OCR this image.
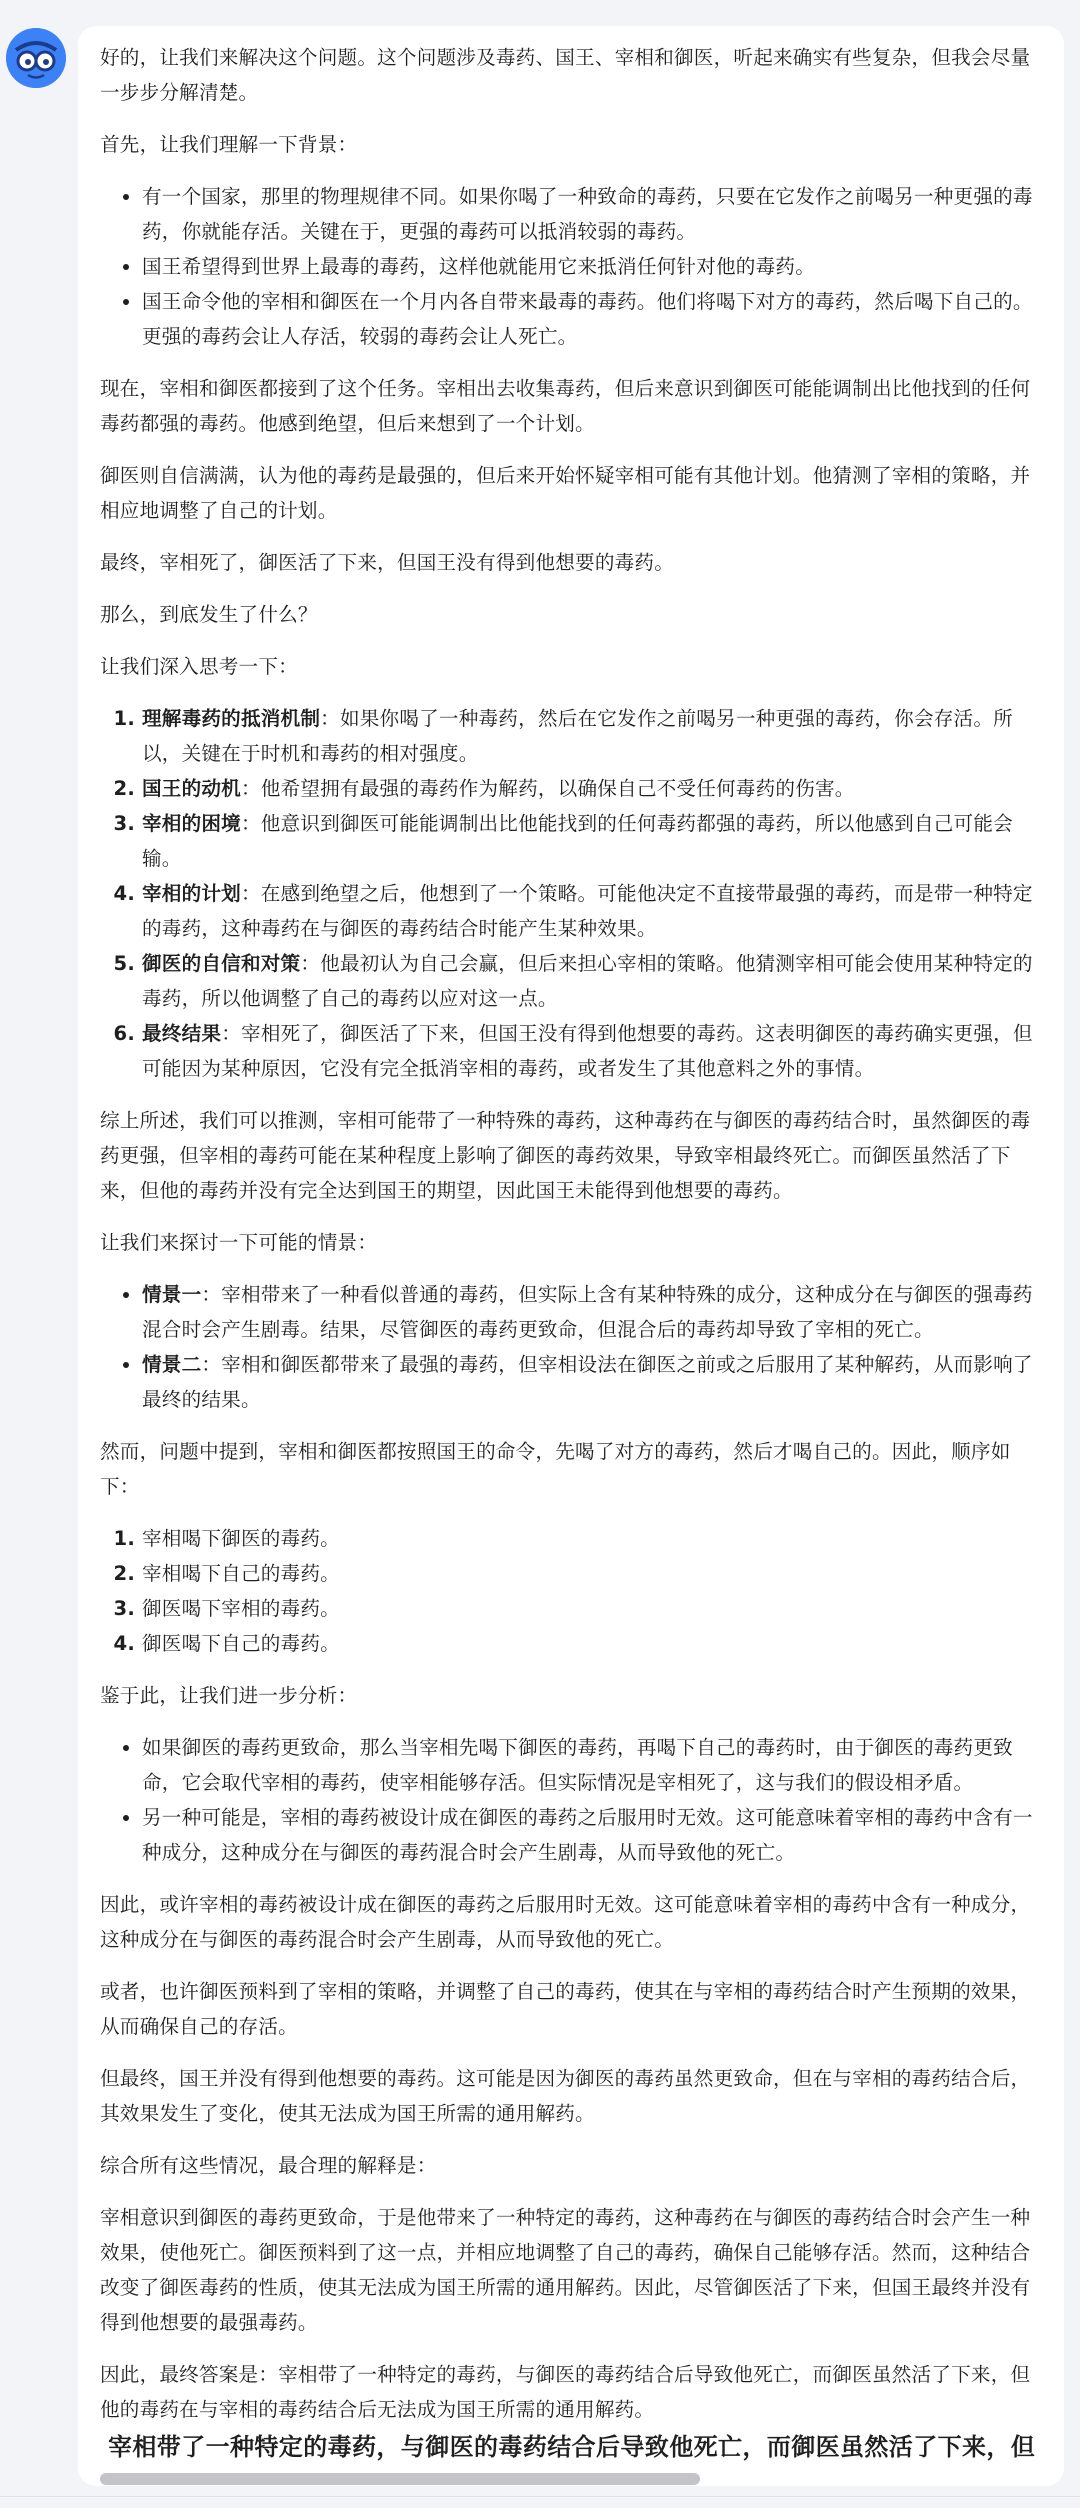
好的，让我们来解决这个问题。这个问题涉及毒药、国王、宰相和御医，听起来确实有些复杂，但我会尽量一步步分解清楚。

首先，让我们理解一下背景：

• 有一个国家，那里的物理规律不同。如果你喝了一种致命的毒药，只要在它发作之前喝另一种更强的毒药，你就能存活。关键在于，更强的毒药可以抵消较弱的毒药。
• 国王希望得到世界上最毒的毒药，这样他就能用它来抵消任何针对他的毒药。
• 国王命令他的宰相和御医在一个月内各自带来最毒的毒药。他们将喝下对方的毒药，然后喝下自己的。更强的毒药会让人存活，较弱的毒药会让人死亡。

现在，宰相和御医都接到了这个任务。宰相出去收集毒药，但后来意识到御医可能能调制出比他找到的任何毒药都强的毒药。他感到绝望，但后来想到了一个计划。

御医则自信满满，认为他的毒药是最强的，但后来开始怀疑宰相可能有其他计划。他猜测了宰相的策略，并相应地调整了自己的计划。

最终，宰相死了，御医活了下来，但国王没有得到他想要的毒药。

那么，到底发生了什么？

让我们深入思考一下：

1. 理解毒药的抵消机制：如果你喝了一种毒药，然后在它发作之前喝另一种更强的毒药，你会存活。所以，关键在于时机和毒药的相对强度。
2. 国王的动机：他希望拥有最强的毒药作为解药，以确保自己不受任何毒药的伤害。
3. 宰相的困境：他意识到御医可能能调制出比他能找到的任何毒药都强的毒药，所以他感到自己可能会输。
4. 宰相的计划：在感到绝望之后，他想到了一个策略。可能他决定不直接带最强的毒药，而是带一种特定的毒药，这种毒药在与御医的毒药结合时能产生某种效果。
5. 御医的自信和对策：他最初认为自己会赢，但后来担心宰相的策略。他猜测宰相可能会使用某种特定的毒药，所以他调整了自己的毒药以应对这一点。
6. 最终结果：宰相死了，御医活了下来，但国王没有得到他想要的毒药。这表明御医的毒药确实更强，但可能因为某种原因，它没有完全抵消宰相的毒药，或者发生了其他意料之外的事情。

综上所述，我们可以推测，宰相可能带了一种特殊的毒药，这种毒药在与御医的毒药结合时，虽然御医的毒药更强，但宰相的毒药可能在某种程度上影响了御医的毒药效果，导致宰相最终死亡。而御医虽然活了下来，但他的毒药并没有完全达到国王的期望，因此国王未能得到他想要的毒药。

让我们来探讨一下可能的情景：

• 情景一：宰相带来了一种看似普通的毒药，但实际上含有某种特殊的成分，这种成分在与御医的强毒药混合时会产生剧毒。结果，尽管御医的毒药更致命，但混合后的毒药却导致了宰相的死亡。
• 情景二：宰相和御医都带来了最强的毒药，但宰相设法在御医之前或之后服用了某种解药，从而影响了最终的结果。

然而，问题中提到，宰相和御医都按照国王的命令，先喝了对方的毒药，然后才喝自己的。因此，顺序如下：

1. 宰相喝下御医的毒药。
2. 宰相喝下自己的毒药。
3. 御医喝下宰相的毒药。
4. 御医喝下自己的毒药。

鉴于此，让我们进一步分析：

• 如果御医的毒药更致命，那么当宰相先喝下御医的毒药，再喝下自己的毒药时，由于御医的毒药更致命，它会取代宰相的毒药，使宰相能够存活。但实际情况是宰相死了，这与我们的假设相矛盾。
• 另一种可能是，宰相的毒药被设计成在御医的毒药之后服用时无效。这可能意味着宰相的毒药中含有一种成分，这种成分在与御医的毒药混合时会产生剧毒，从而导致他的死亡。

因此，或许宰相的毒药被设计成在御医的毒药之后服用时无效。这可能意味着宰相的毒药中含有一种成分，这种成分在与御医的毒药混合时会产生剧毒，从而导致他的死亡。

或者，也许御医预料到了宰相的策略，并调整了自己的毒药，使其在与宰相的毒药结合时产生预期的效果，从而确保自己的存活。

但最终，国王并没有得到他想要的毒药。这可能是因为御医的毒药虽然更致命，但在与宰相的毒药结合后，其效果发生了变化，使其无法成为国王所需的通用解药。

综合所有这些情况，最合理的解释是：

宰相意识到御医的毒药更致命，于是他带来了一种特定的毒药，这种毒药在与御医的毒药结合时会产生一种效果，使他死亡。御医预料到了这一点，并相应地调整了自己的毒药，确保自己能够存活。然而，这种结合改变了御医毒药的性质，使其无法成为国王所需的通用解药。因此，尽管御医活了下来，但国王最终并没有得到他想要的最强毒药。

因此，最终答案是：宰相带了一种特定的毒药，与御医的毒药结合后导致他死亡，而御医虽然活了下来，但他的毒药在与宰相的毒药结合后无法成为国王所需的通用解药。

宰相带了一种特定的毒药，与御医的毒药结合后导致他死亡，而御医虽然活了下来，但
